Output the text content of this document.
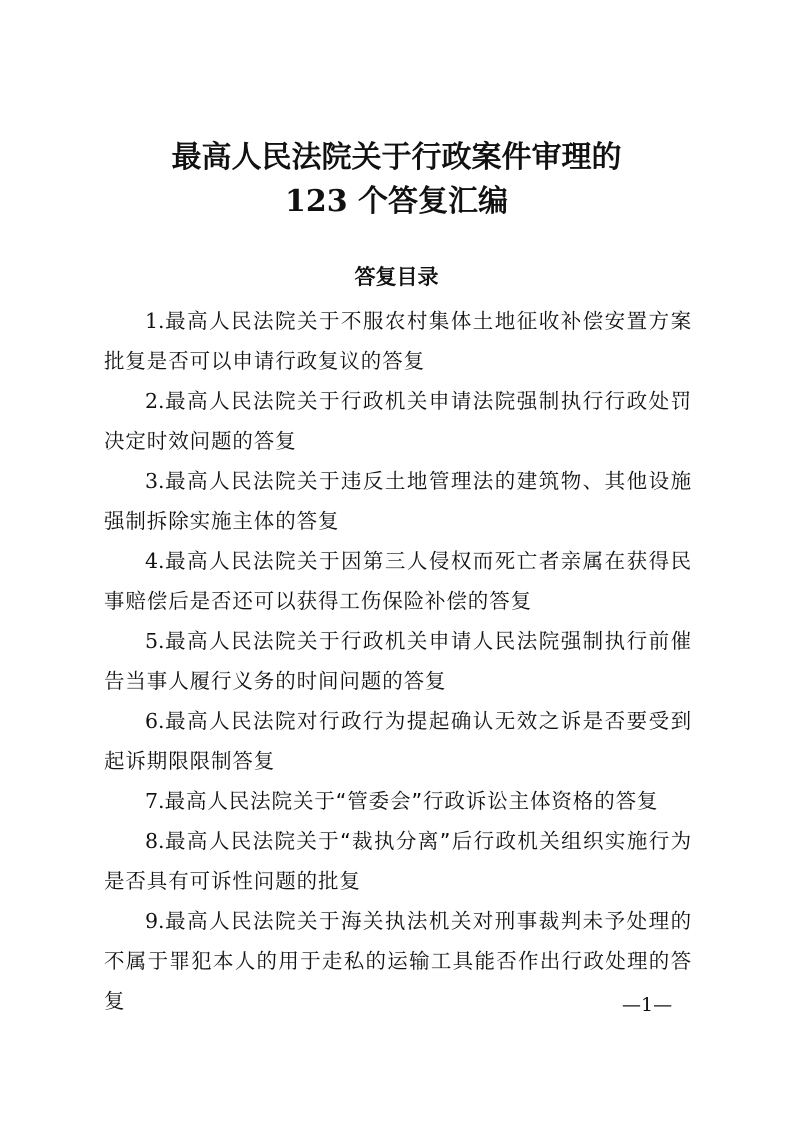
最高人民法院关于行政案件审理的
123 个答复汇编
答复目录
1.最高人民法院关于不服农村集体土地征收补偿安置方案批复是否可以申请行政复议的答复
2.最高人民法院关于行政机关申请法院强制执行行政处罚决定时效问题的答复
3.最高人民法院关于违反土地管理法的建筑物、其他设施强制拆除实施主体的答复
4.最高人民法院关于因第三人侵权而死亡者亲属在获得民事赔偿后是否还可以获得工伤保险补偿的答复
5.最高人民法院关于行政机关申请人民法院强制执行前催告当事人履行义务的时间问题的答复
6.最高人民法院对行政行为提起确认无效之诉是否要受到起诉期限限制答复
7.最高人民法院关于“管委会”行政诉讼主体资格的答复
8.最高人民法院关于“裁执分离”后行政机关组织实施行为是否具有可诉性问题的批复
9.最高人民法院关于海关执法机关对刑事裁判未予处理的不属于罪犯本人的用于走私的运输工具能否作出行政处理的答复	—1—
